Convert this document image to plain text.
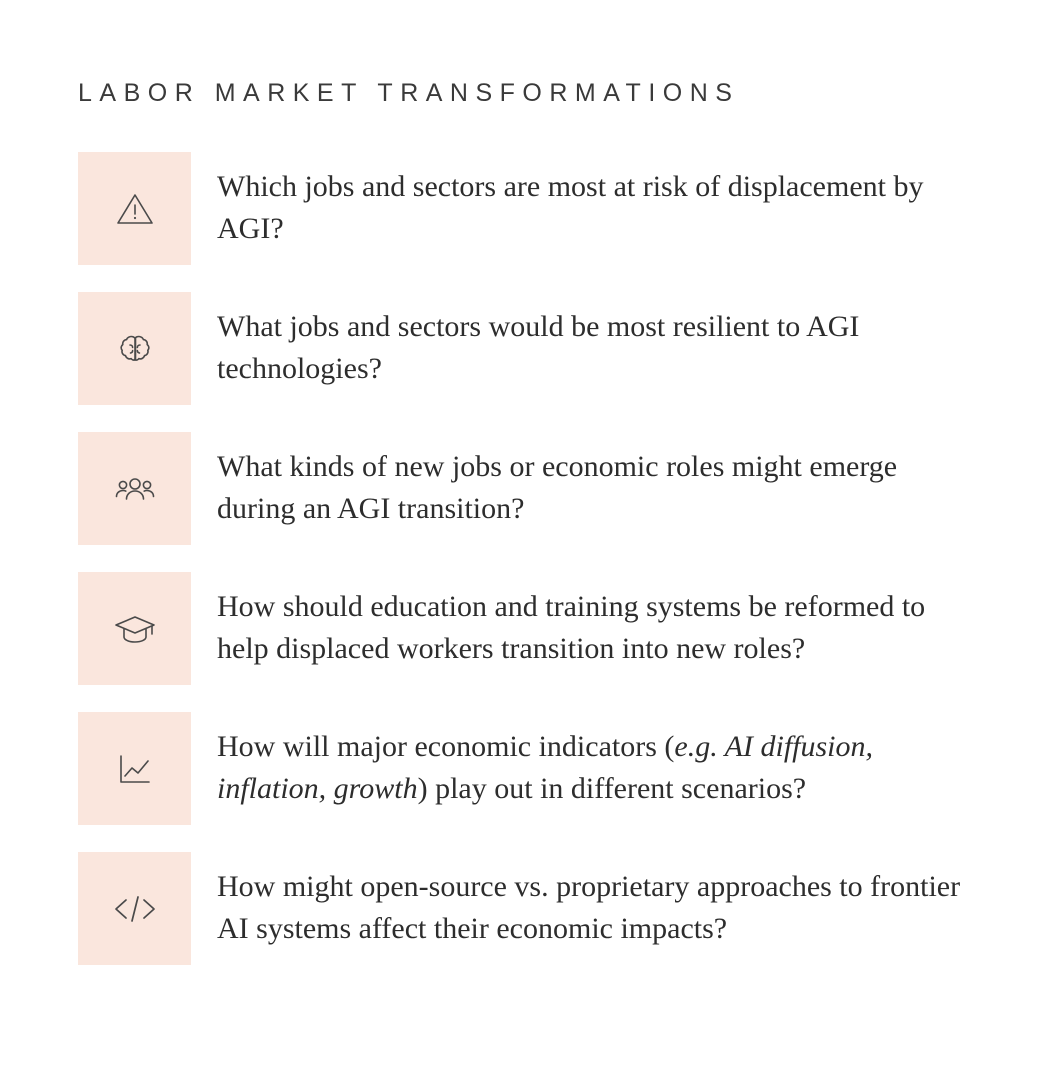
LABOR MARKET TRANSFORMATIONS
Which jobs and sectors are most at risk of displacement by AGI?
What jobs and sectors would be most resilient to AGI technologies?
What kinds of new jobs or economic roles might emerge during an AGI transition?
How should education and training systems be reformed to help displaced workers transition into new roles?
How will major economic indicators (e.g. AI diffusion, inflation, growth) play out in different scenarios?
How might open-source vs. proprietary approaches to frontier AI systems affect their economic impacts?
